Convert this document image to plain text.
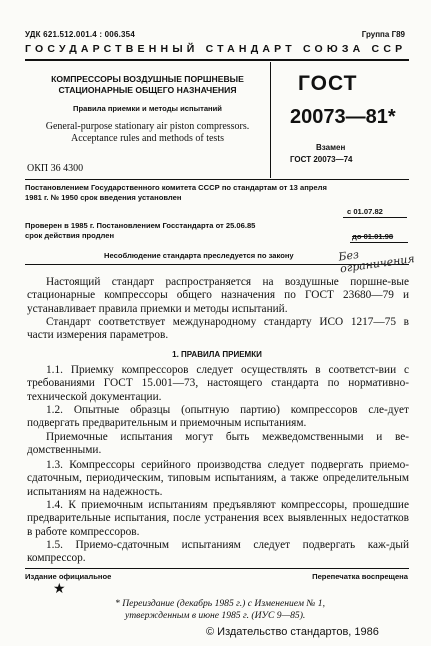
УДК 621.512.001.4 : 006.354	Группа Г89
ГОСУДАРСТВЕННЫЙ СТАНДАРТ СОЮЗА ССР
КОМПРЕССОРЫ ВОЗДУШНЫЕ ПОРШНЕВЫЕ
СТАЦИОНАРНЫЕ ОБЩЕГО НАЗНАЧЕНИЯ
Правила приемки и методы испытаний
General-purpose stationary air piston compressors.
Acceptance rules and methods of tests
ОКП 36 4300
ГОСТ
20073—81*
Взамен
ГОСТ 20073—74
Постановлением Государственного комитета СССР по стандартам от 13 апреля
1981 г. № 1950 срок введения установлен
с 01.07.82
Проверен в 1985 г. Постановлением Госстандарта от 25.06.85
срок действия продлен	до 01.01.98
Несоблюдение стандарта преследуется по закону	Без ограничения
Настоящий стандарт распространяется на воздушные поршне-вые стационарные компрессоры общего назначения по ГОСТ 23680—79 и устанавливает правила приемки и методы испытаний.
Стандарт соответствует международному стандарту ИСО 1217—75 в части измерения параметров.
1. ПРАВИЛА ПРИЕМКИ
1.1. Приемку компрессоров следует осуществлять в соответст-вии с требованиями ГОСТ 15.001—73, настоящего стандарта по нормативно-технической документации.
1.2. Опытные образцы (опытную партию) компрессоров сле-дует подвергать предварительным и приемочным испытаниям.
Приемочные испытания могут быть межведомственными и ве-домственными.
1.3. Компрессоры серийного производства следует подвергать приемо-сдаточным, периодическим, типовым испытаниям, а также определительным испытаниям на надежность.
1.4. К приемочным испытаниям предъявляют компрессоры, прошедшие предварительные испытания, после устранения всех выявленных недостатков в работе компрессоров.
1.5. Приемо-сдаточным испытаниям следует подвергать каж-дый компрессор.
Издание официальное	Перепечатка воспрещена
★
* Переиздание (декабрь 1985 г.) с Изменением № 1,
утвержденным в июне 1985 г. (ИУС 9—85).
© Издательство стандартов, 1986
